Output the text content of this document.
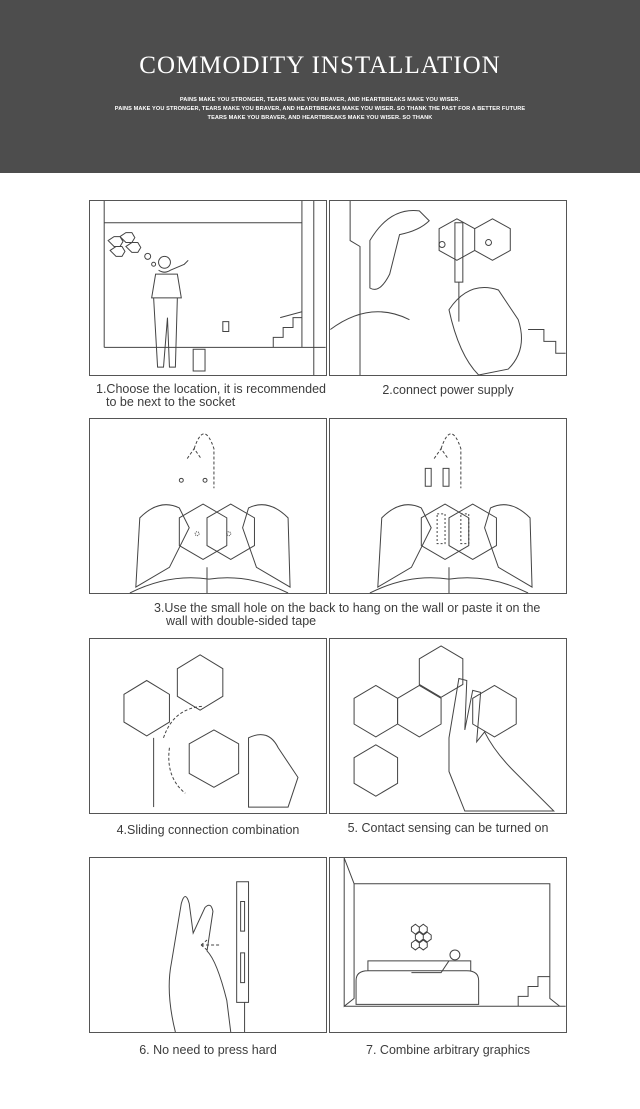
COMMODITY INSTALLATION
PAINS MAKE YOU STRONGER, TEARS MAKE YOU BRAVER, AND HEARTBREAKS MAKE YOU WISER.
PAINS MAKE YOU STRONGER, TEARS MAKE YOU BRAVER, AND HEARTBREAKS MAKE YOU WISER. SO THANK THE PAST FOR A BETTER FUTURE
TEARS MAKE YOU BRAVER, AND HEARTBREAKS MAKE YOU WISER. SO THANK
1.Choose the location, it is recommended
to be next to the socket
2.connect power supply
3.Use the small hole on the back to hang on the wall or paste it on the
wall with double-sided tape
4.Sliding connection combination	5. Contact sensing can be turned on
6. No need to press hard	7. Combine arbitrary graphics
